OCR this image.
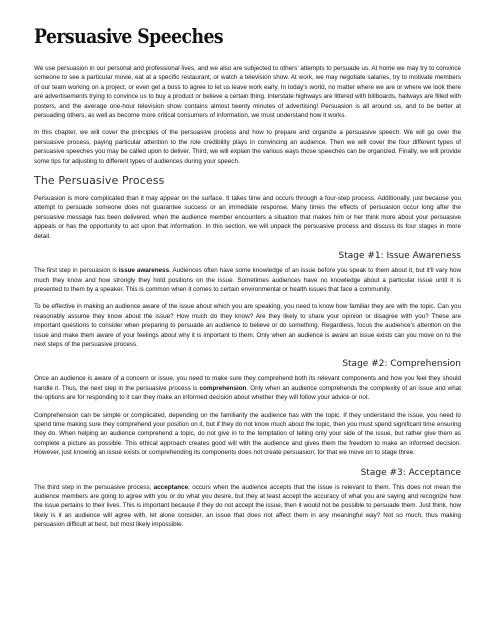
Persuasive Speeches

We use persuasion in our personal and professional lives, and we also are subjected to others’ attempts to persuade us. At home we may try to convince someone to see a particular movie, eat at a specific restaurant, or watch a television show. At work, we may negotiate salaries, try to motivate members of our team working on a project, or even get a boss to agree to let us leave work early. In today's world, no matter where we are or where we look there are advertisements trying to convince us to buy a product or believe a certain thing. Interstate highways are littered with billboards, hallways are filled with posters, and the average one-hour television show contains almost twenty minutes of advertising! Persuasion is all around us, and to be better at persuading others, as well as become more critical consumers of information, we must understand how it works.

In this chapter, we will cover the principles of the persuasive process and how to prepare and organize a persuasive speech. We will go over the persuasive process, paying particular attention to the role credibility plays in convincing an audience. Then we will cover the four different types of persuasive speeches you may be called upon to deliver. Third, we will explain the various ways those speeches can be organized. Finally, we will provide some tips for adjusting to different types of audiences during your speech.

The Persuasive Process

Persuasion is more complicated than it may appear on the surface. It takes time and occurs through a four-step process. Additionally, just because you attempt to persuade someone does not guarantee success or an immediate response. Many times the effects of persuasion occur long after the persuasive message has been delivered, when the audience member encounters a situation that makes him or her think more about your persuasive appeals or has the opportunity to act upon that information. In this section, we will unpack the persuasive process and discuss its four stages in more detail.

Stage #1: Issue Awareness

The first step in persuasion is issue awareness. Audiences often have some knowledge of an issue before you speak to them about it, but it'll vary how much they know and how strongly they hold positions on the issue. Sometimes audiences have no knowledge about a particular issue until it is presented to them by a speaker. This is common when it comes to certain environmental or health issues that face a community.

To be effective in making an audience aware of the issue about which you are speaking, you need to know how familiar they are with the topic. Can you reasonably assume they know about the issue? How much do they know? Are they likely to share your opinion or disagree with you? These are important questions to consider when preparing to persuade an audience to believe or do something. Regardless, focus the audience's attention on the issue and make them aware of your feelings about why it is important to them. Only when an audience is aware an issue exists can you move on to the next steps of the persuasive process.

Stage #2: Comprehension

Once an audience is aware of a concern or issue, you need to make sure they comprehend both its relevant components and how you feel they should handle it. Thus, the next step in the persuasive process is comprehension. Only when an audience comprehends the complexity of an issue and what the options are for responding to it can they make an informed decision about whether they will follow your advice or not.

Comprehension can be simple or complicated, depending on the familiarity the audience has with the topic. If they understand the issue, you need to spend time making sure they comprehend your position on it, but if they do not know much about the topic, then you must spend significant time ensuring they do. When helping an audience comprehend a topic, do not give in to the temptation of telling only your side of the issue, but rather give them as complete a picture as possible. This ethical approach creates good will with the audience and gives them the freedom to make an informed decision. However, just knowing an issue exists or comprehending its components does not create persuasion; for that we move on to stage three.

Stage #3: Acceptance

The third step in the persuasive process, acceptance, occurs when the audience accepts that the issue is relevant to them. This does not mean the audience members are going to agree with you or do what you desire, but they at least accept the accuracy of what you are saying and recognize how the issue pertains to their lives. This is important because if they do not accept the issue, then it would not be possible to persuade them. Just think, how likely is it an audience will agree with, let alone consider, an issue that does not affect them in any meaningful way? Not so much, thus making persuasion difficult at best, but most likely impossible.
